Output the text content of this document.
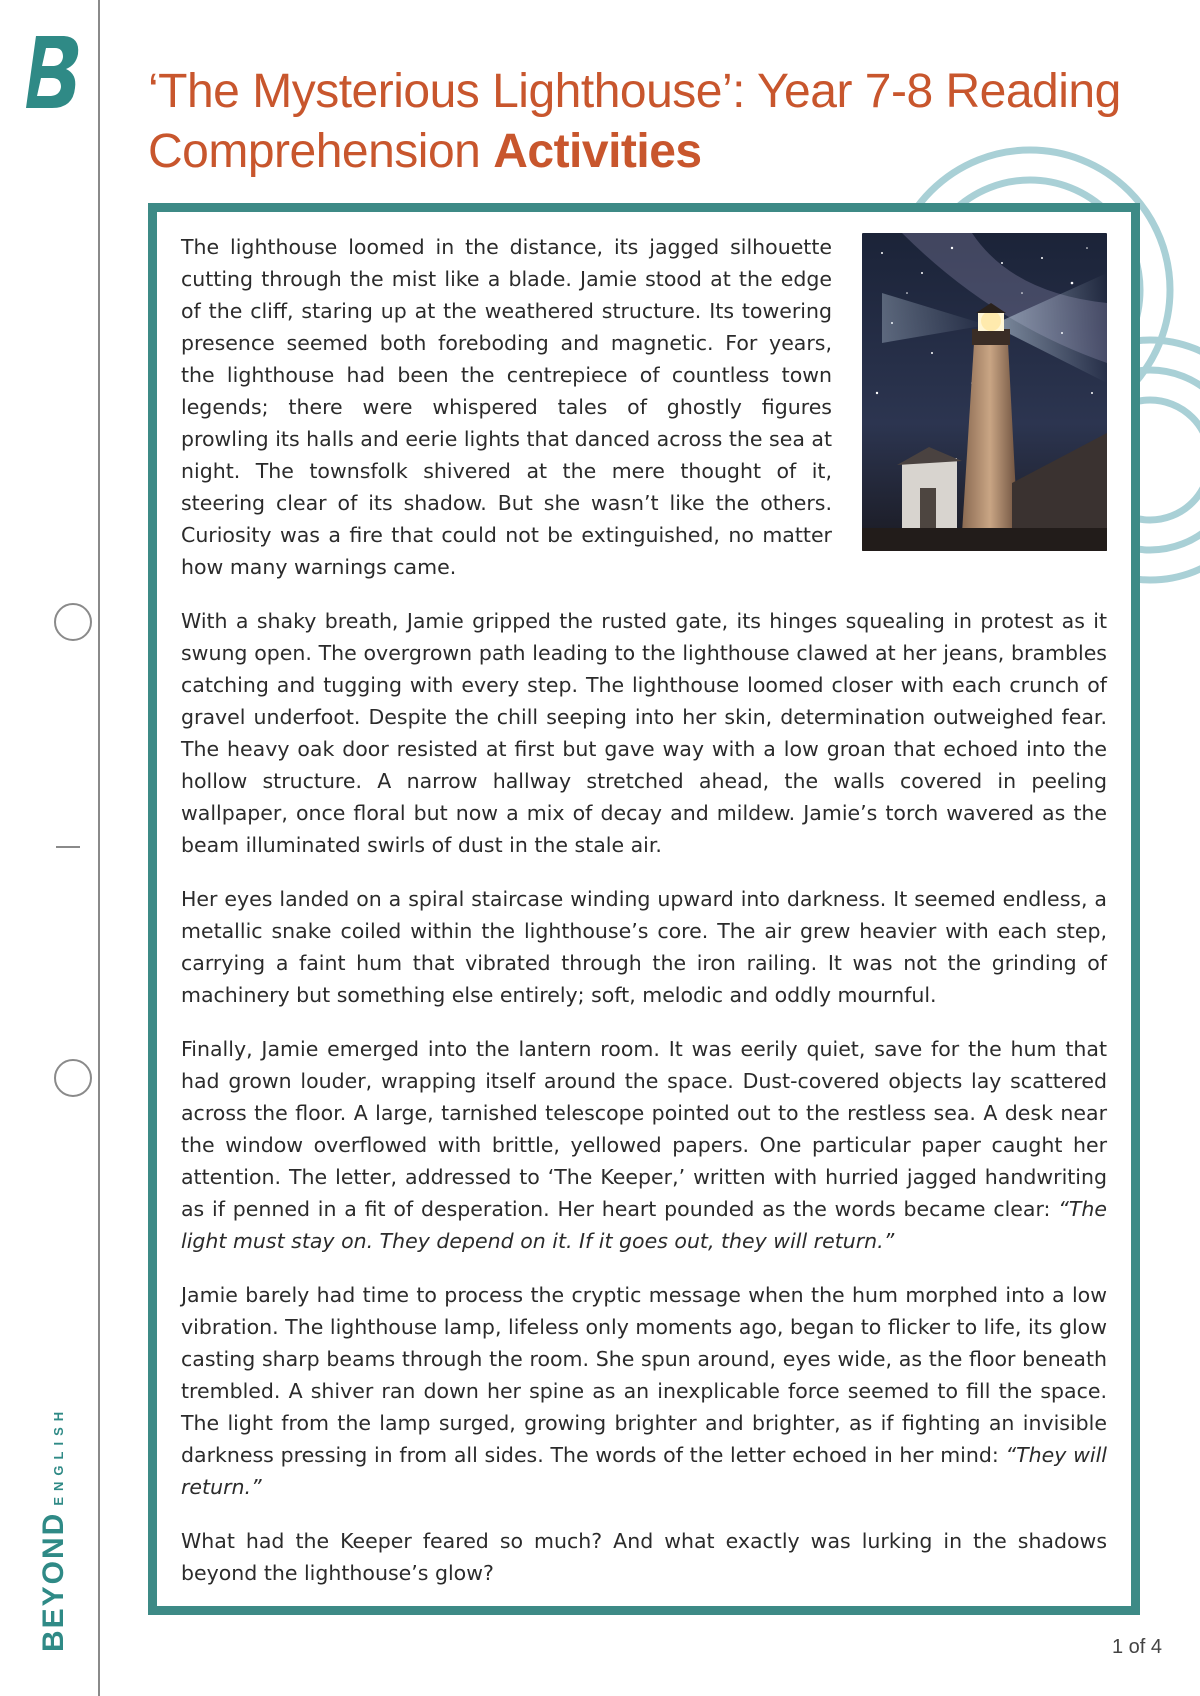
BEYONDENGLISH
‘The Mysterious Lighthouse’: Year 7-8 Reading Comprehension Activities

The lighthouse loomed in the distance, its jagged silhouette cutting through the mist like a blade. Jamie stood at the edge of the cliff, staring up at the weathered structure. Its towering presence seemed both foreboding and magnetic. For years, the lighthouse had been the centrepiece of countless town legends; there were whispered tales of ghostly figures prowling its halls and eerie lights that danced across the sea at night. The townsfolk shivered at the mere thought of it, steering clear of its shadow. But she wasn’t like the others. Curiosity was a fire that could not be extinguished, no matter how many warnings came.

With a shaky breath, Jamie gripped the rusted gate, its hinges squealing in protest as it swung open. The overgrown path leading to the lighthouse clawed at her jeans, brambles catching and tugging with every step. The lighthouse loomed closer with each crunch of gravel underfoot. Despite the chill seeping into her skin, determination outweighed fear. The heavy oak door resisted at first but gave way with a low groan that echoed into the hollow structure. A narrow hallway stretched ahead, the walls covered in peeling wallpaper, once floral but now a mix of decay and mildew. Jamie’s torch wavered as the beam illuminated swirls of dust in the stale air.

Her eyes landed on a spiral staircase winding upward into darkness. It seemed endless, a metallic snake coiled within the lighthouse’s core. The air grew heavier with each step, carrying a faint hum that vibrated through the iron railing. It was not the grinding of machinery but something else entirely; soft, melodic and oddly mournful.

Finally, Jamie emerged into the lantern room. It was eerily quiet, save for the hum that had grown louder, wrapping itself around the space. Dust-covered objects lay scattered across the floor. A large, tarnished telescope pointed out to the restless sea. A desk near the window overflowed with brittle, yellowed papers. One particular paper caught her attention. The letter, addressed to ‘The Keeper,’ written with hurried jagged handwriting as if penned in a fit of desperation. Her heart pounded as the words became clear: “The light must stay on. They depend on it. If it goes out, they will return.”

Jamie barely had time to process the cryptic message when the hum morphed into a low vibration. The lighthouse lamp, lifeless only moments ago, began to flicker to life, its glow casting sharp beams through the room. She spun around, eyes wide, as the floor beneath trembled. A shiver ran down her spine as an inexplicable force seemed to fill the space. The light from the lamp surged, growing brighter and brighter, as if fighting an invisible darkness pressing in from all sides. The words of the letter echoed in her mind: “They will return.”

What had the Keeper feared so much? And what exactly was lurking in the shadows beyond the lighthouse’s glow?

1 of 4
